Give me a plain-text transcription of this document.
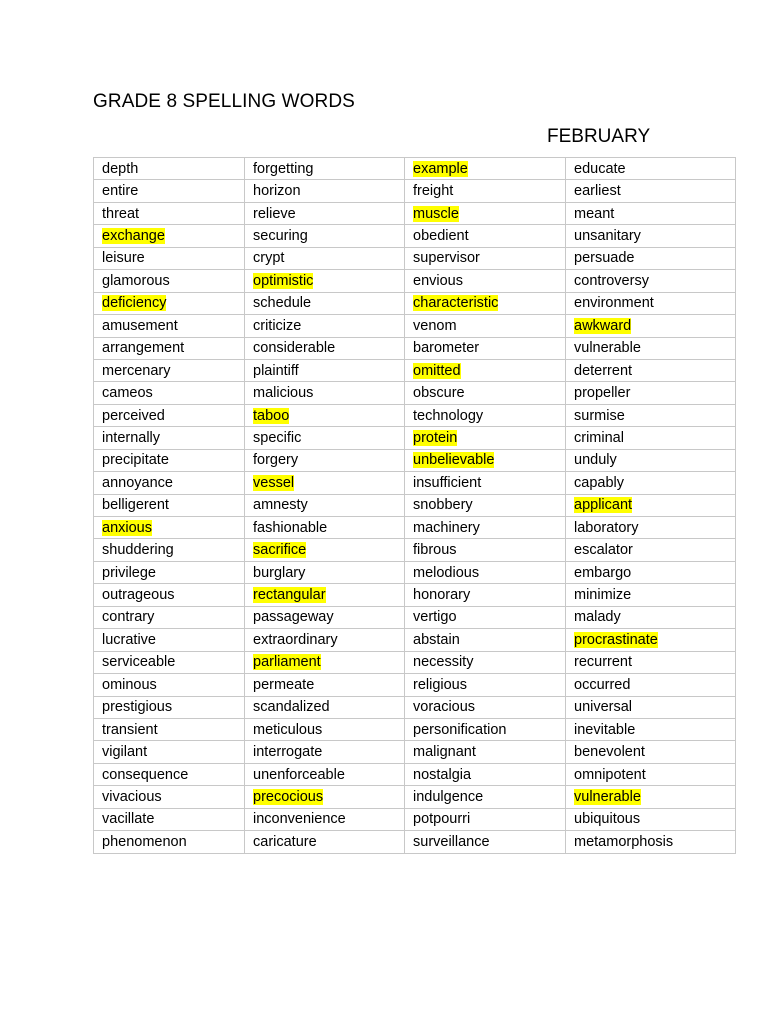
GRADE 8 SPELLING WORDS
FEBRUARY
depth	forgetting	example	educate
entire	horizon	freight	earliest
threat	relieve	muscle	meant
exchange	securing	obedient	unsanitary
leisure	crypt	supervisor	persuade
glamorous	optimistic	envious	controversy
deficiency	schedule	characteristic	environment
amusement	criticize	venom	awkward
arrangement	considerable	barometer	vulnerable
mercenary	plaintiff	omitted	deterrent
cameos	malicious	obscure	propeller
perceived	taboo	technology	surmise
internally	specific	protein	criminal
precipitate	forgery	unbelievable	unduly
annoyance	vessel	insufficient	capably
belligerent	amnesty	snobbery	applicant
anxious	fashionable	machinery	laboratory
shuddering	sacrifice	fibrous	escalator
privilege	burglary	melodious	embargo
outrageous	rectangular	honorary	minimize
contrary	passageway	vertigo	malady
lucrative	extraordinary	abstain	procrastinate
serviceable	parliament	necessity	recurrent
ominous	permeate	religious	occurred
prestigious	scandalized	voracious	universal
transient	meticulous	personification	inevitable
vigilant	interrogate	malignant	benevolent
consequence	unenforceable	nostalgia	omnipotent
vivacious	precocious	indulgence	vulnerable
vacillate	inconvenience	potpourri	ubiquitous
phenomenon	caricature	surveillance	metamorphosis
